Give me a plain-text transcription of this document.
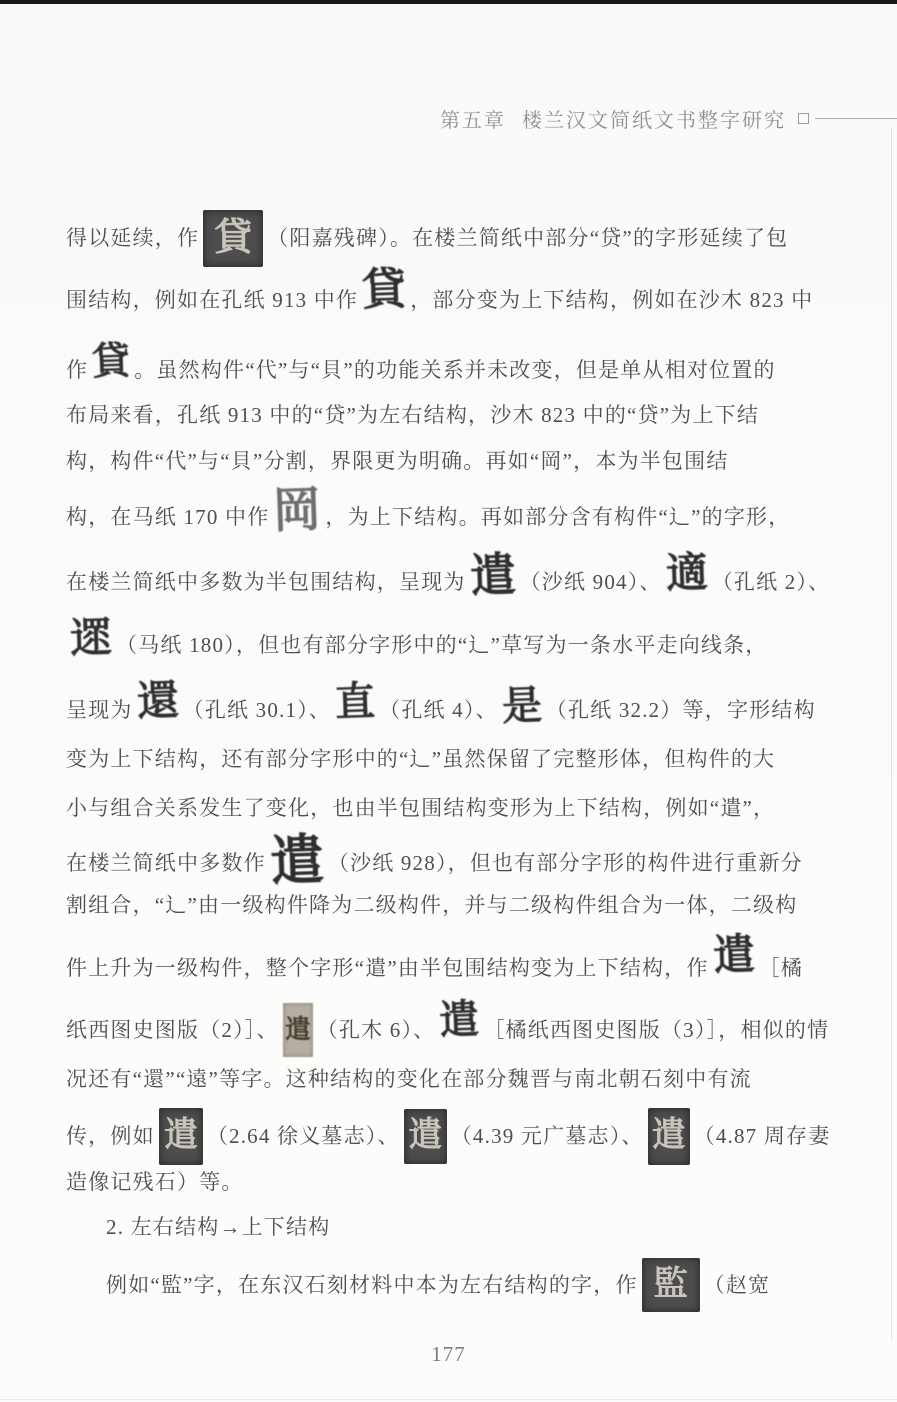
第五章 楼兰汉文简纸文书整字研究
得以延续，作 貸 （阳嘉残碑）。在楼兰简纸中部分“贷”的字形延续了包
围结构，例如在孔纸 913 中作 貸 ，部分变为上下结构，例如在沙木 823 中
作 貸 。虽然构件“代”与“貝”的功能关系并未改变，但是单从相对位置的
布局来看，孔纸 913 中的“贷”为左右结构，沙木 823 中的“贷”为上下结
构，构件“代”与“貝”分割，界限更为明确。再如“岡”，本为半包围结
构，在马纸 170 中作 岡 ，为上下结构。再如部分含有构件“辶”的字形，
在楼兰简纸中多数为半包围结构，呈现为 遣 （沙纸 904）、 適 （孔纸 2）、
遝 （马纸 180），但也有部分字形中的“辶”草写为一条水平走向线条，
呈现为 還 （孔纸 30.1）、 直 （孔纸 4）、 是 （孔纸 32.2）等，字形结构
变为上下结构，还有部分字形中的“辶”虽然保留了完整形体，但构件的大
小与组合关系发生了变化，也由半包围结构变形为上下结构，例如“遣”，
在楼兰简纸中多数作 遣 （沙纸 928），但也有部分字形的构件进行重新分
割组合，“辶”由一级构件降为二级构件，并与二级构件组合为一体，二级构
件上升为一级构件，整个字形“遣”由半包围结构变为上下结构，作 遣 ［橘
纸西图史图版（2）］、 遣 （孔木 6）、 遣 ［橘纸西图史图版（3）］，相似的情
况还有“還”“遠”等字。这种结构的变化在部分魏晋与南北朝石刻中有流
传，例如 遣 （2.64 徐义墓志）、 遣 （4.39 元广墓志）、 遣 （4.87 周存妻
造像记残石）等。
2. 左右结构→上下结构
例如“監”字，在东汉石刻材料中本为左右结构的字，作 監 （赵宽
177
